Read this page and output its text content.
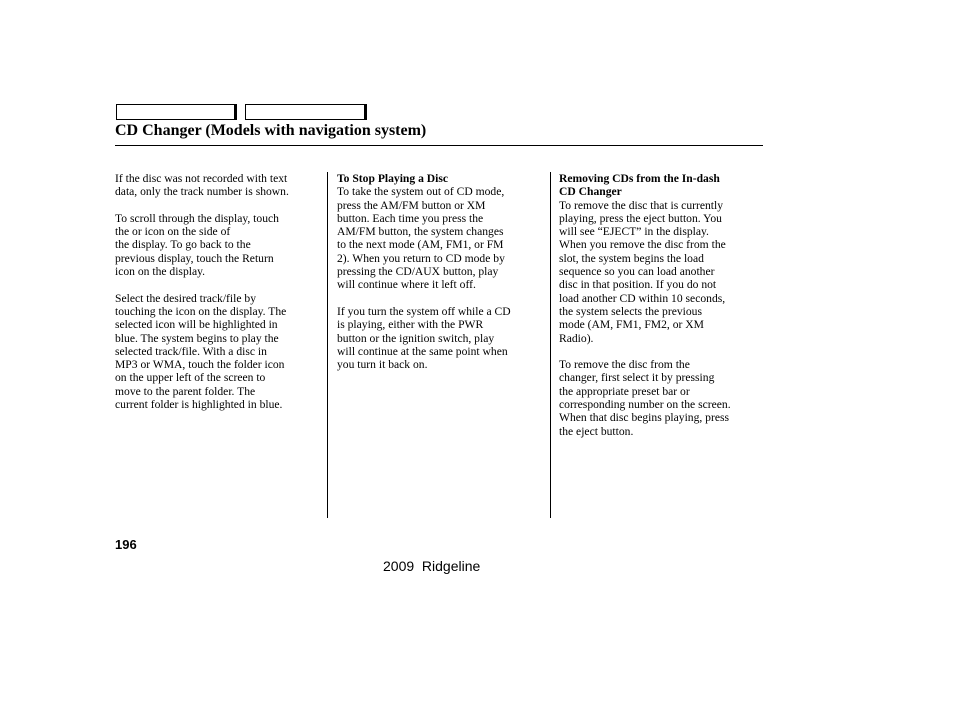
CD Changer (Models with navigation system)

If the disc was not recorded with text
data, only the track number is shown.

To scroll through the display, touch
the or icon on the side of
the display. To go back to the
previous display, touch the Return
icon on the display.

Select the desired track/file by
touching the icon on the display. The
selected icon will be highlighted in
blue. The system begins to play the
selected track/file. With a disc in
MP3 or WMA, touch the folder icon
on the upper left of the screen to
move to the parent folder. The
current folder is highlighted in blue.

To Stop Playing a Disc

To take the system out of CD mode,
press the AM/FM button or XM
button. Each time you press the
AM/FM button, the system changes
to the next mode (AM, FM1, or FM
2). When you return to CD mode by
pressing the CD/AUX button, play
will continue where it left off.

If you turn the system off while a CD
is playing, either with the PWR
button or the ignition switch, play
will continue at the same point when
you turn it back on.

Removing CDs from the In-dash
CD Changer

To remove the disc that is currently
playing, press the eject button. You
will see “EJECT” in the display.
When you remove the disc from the
slot, the system begins the load
sequence so you can load another
disc in that position. If you do not
load another CD within 10 seconds,
the system selects the previous
mode (AM, FM1, FM2, or XM
Radio).

To remove the disc from the
changer, first select it by pressing
the appropriate preset bar or
corresponding number on the screen.
When that disc begins playing, press
the eject button.

196
2009  Ridgeline
